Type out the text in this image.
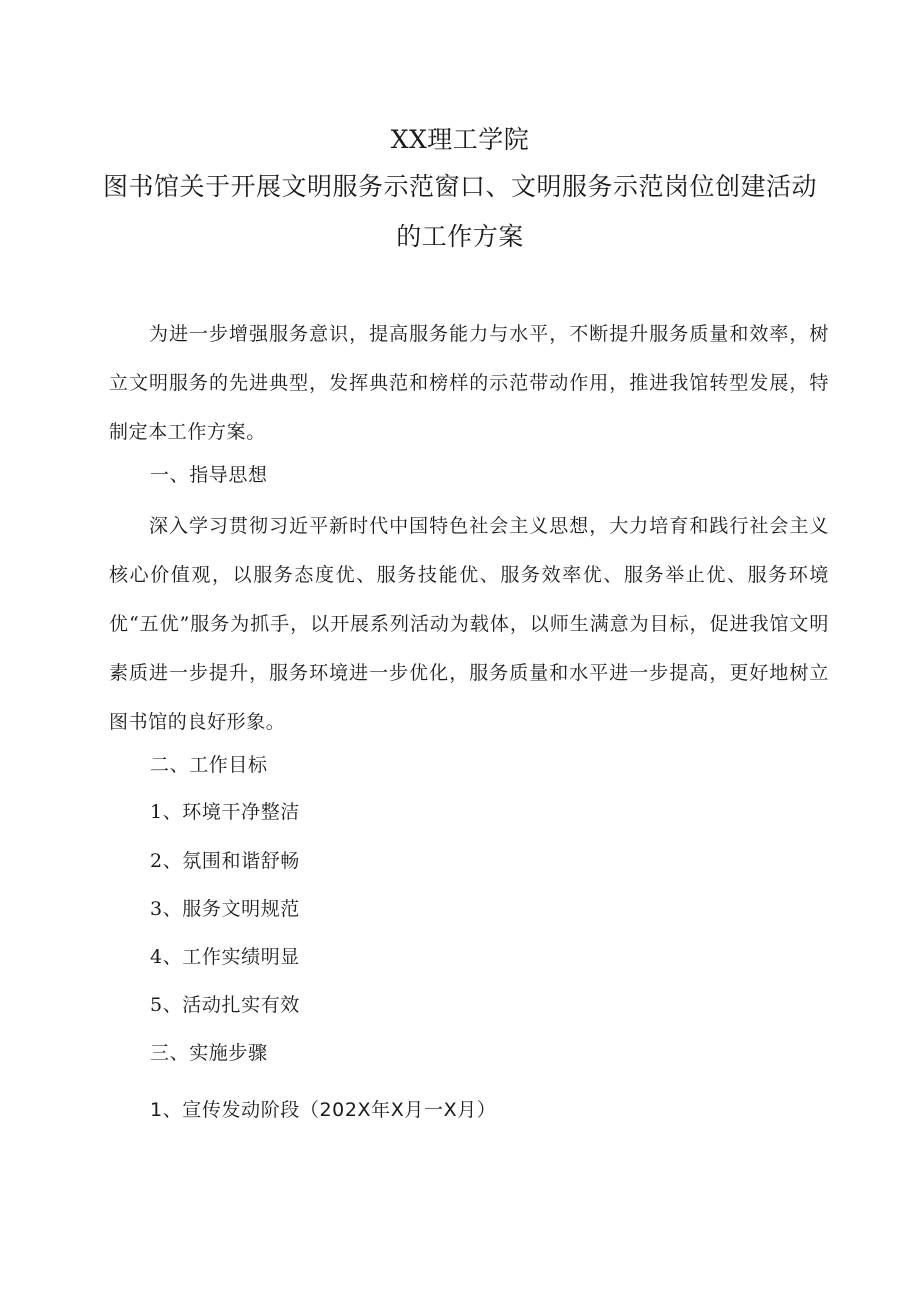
XX理工学院
图书馆关于开展文明服务示范窗口、文明服务示范岗位创建活动
的工作方案
为进一步增强服务意识，提高服务能力与水平，不断提升服务质量和效率，树立文明服务的先进典型，发挥典范和榜样的示范带动作用，推进我馆转型发展，特制定本工作方案。
一、指导思想
深入学习贯彻习近平新时代中国特色社会主义思想，大力培育和践行社会主义核心价值观，以服务态度优、服务技能优、服务效率优、服务举止优、服务环境优“五优”服务为抓手，以开展系列活动为载体，以师生满意为目标，促进我馆文明素质进一步提升，服务环境进一步优化，服务质量和水平进一步提高，更好地树立图书馆的良好形象。
二、工作目标
1、环境干净整洁
2、氛围和谐舒畅
3、服务文明规范
4、工作实绩明显
5、活动扎实有效
三、实施步骤
1、宣传发动阶段（202X年X月一X月）
